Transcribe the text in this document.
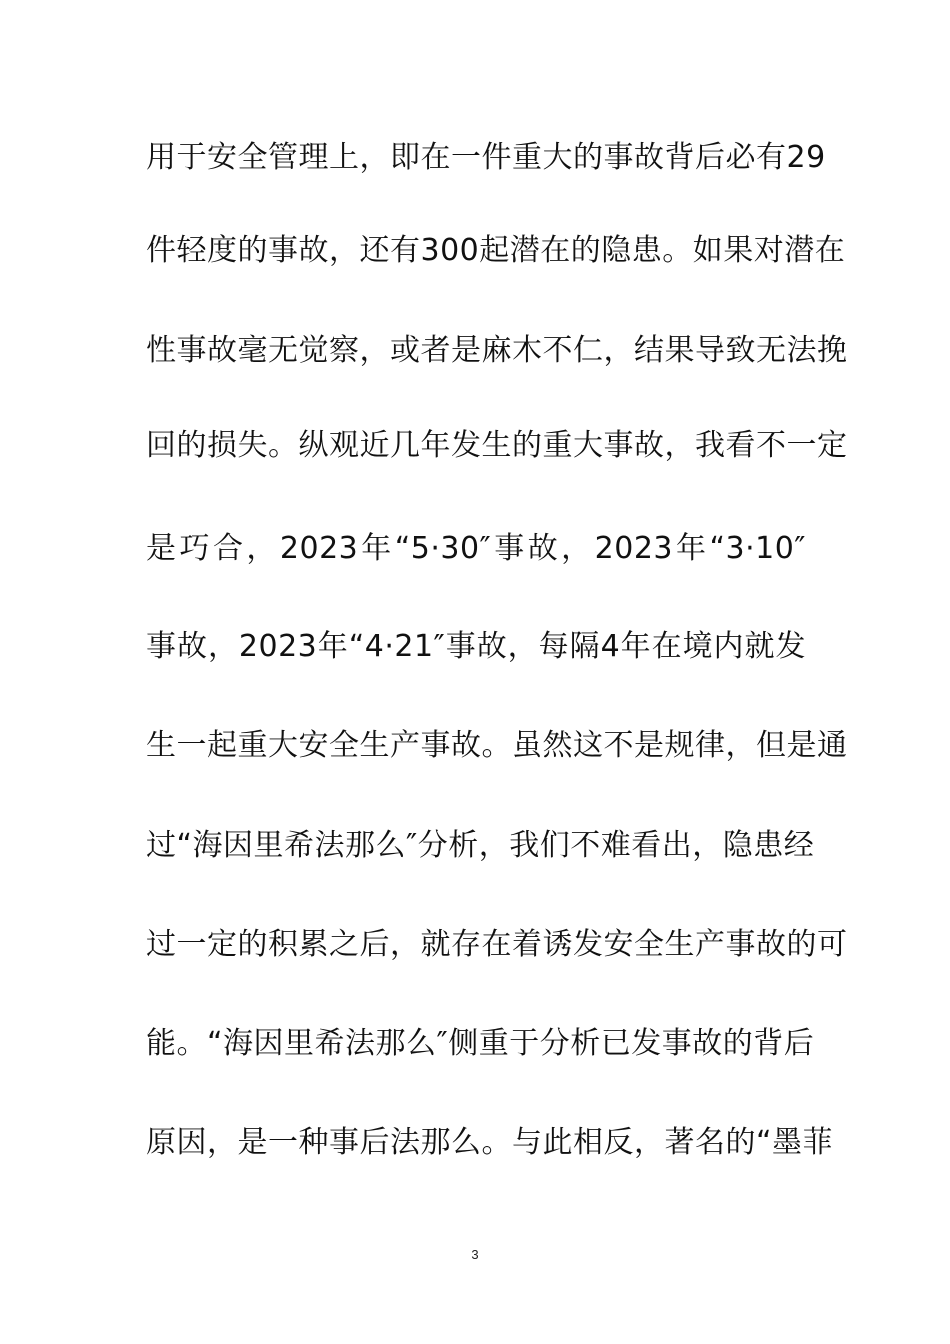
用于安全管理上，即在一件重大的事故背后必有29
件轻度的事故，还有300起潜在的隐患。如果对潜在
性事故毫无觉察，或者是麻木不仁，结果导致无法挽
回的损失。纵观近几年发生的重大事故，我看不一定
是巧合，2023年“5·30″事故，2023年“3·10″
事故，2023年“4·21″事故，每隔4年在境内就发
生一起重大安全生产事故。虽然这不是规律，但是通
过“海因里希法那么″分析，我们不难看出，隐患经
过一定的积累之后，就存在着诱发安全生产事故的可
能。“海因里希法那么″侧重于分析已发事故的背后
原因，是一种事后法那么。与此相反，著名的“墨菲
3
